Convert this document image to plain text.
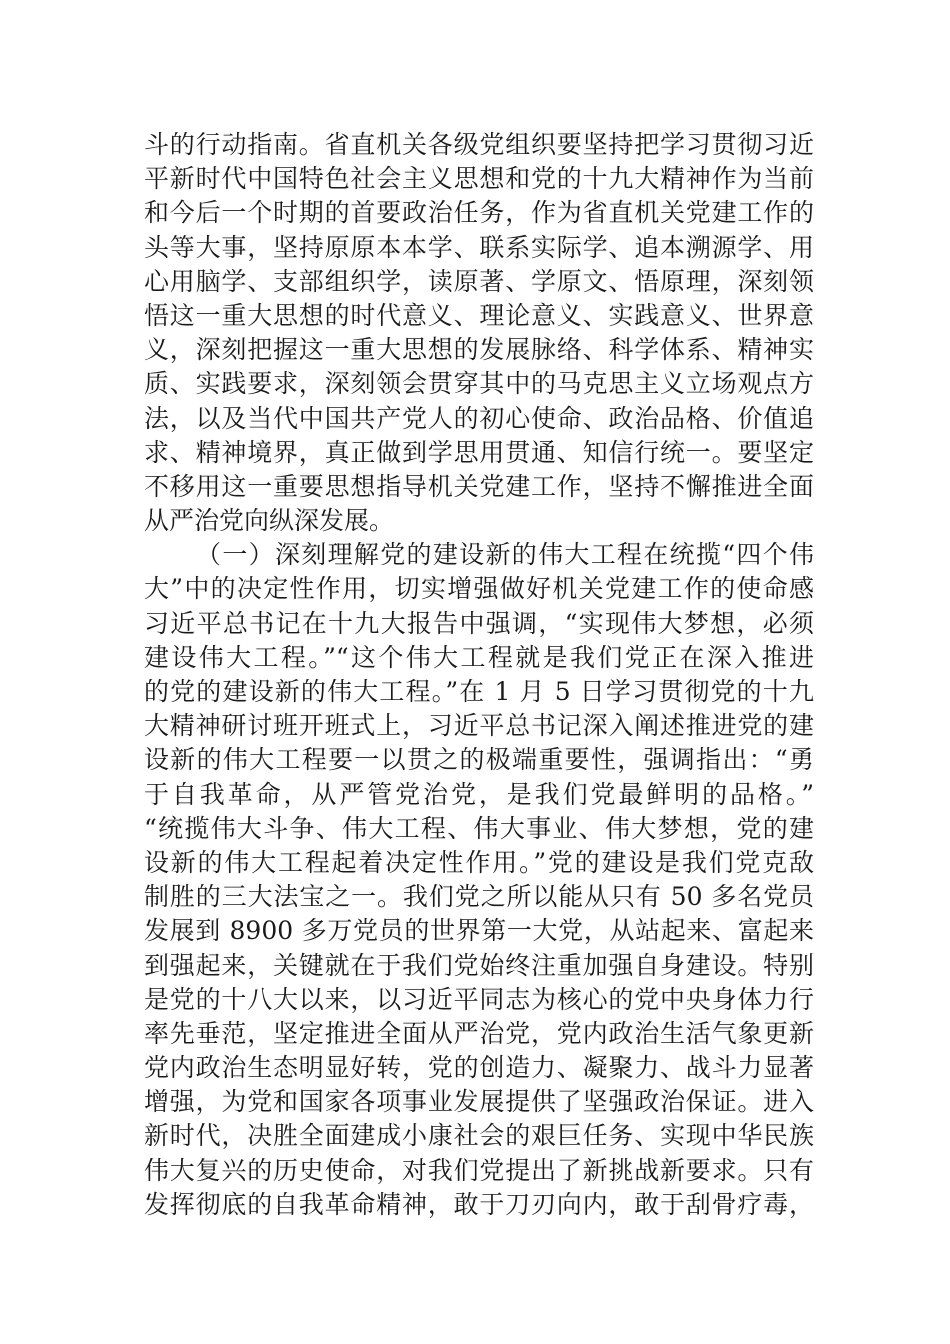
斗的行动指南。省直机关各级党组织要坚持把学习贯彻习近
平新时代中国特色社会主义思想和党的十九大精神作为当前
和今后一个时期的首要政治任务，作为省直机关党建工作的
头等大事，坚持原原本本学、联系实际学、追本溯源学、用
心用脑学、支部组织学，读原著、学原文、悟原理，深刻领
悟这一重大思想的时代意义、理论意义、实践意义、世界意
义，深刻把握这一重大思想的发展脉络、科学体系、精神实
质、实践要求，深刻领会贯穿其中的马克思主义立场观点方
法，以及当代中国共产党人的初心使命、政治品格、价值追
求、精神境界，真正做到学思用贯通、知信行统一。要坚定
不移用这一重要思想指导机关党建工作，坚持不懈推进全面
从严治党向纵深发展。
（一）深刻理解党的建设新的伟大工程在统揽“四个伟
大”中的决定性作用，切实增强做好机关党建工作的使命感
习近平总书记在十九大报告中强调，“实现伟大梦想，必须
建设伟大工程。”“这个伟大工程就是我们党正在深入推进
的党的建设新的伟大工程。”在 1 月 5 日学习贯彻党的十九
大精神研讨班开班式上，习近平总书记深入阐述推进党的建
设新的伟大工程要一以贯之的极端重要性，强调指出：“勇
于自我革命，从严管党治党，是我们党最鲜明的品格。”
“统揽伟大斗争、伟大工程、伟大事业、伟大梦想，党的建
设新的伟大工程起着决定性作用。”党的建设是我们党克敌
制胜的三大法宝之一。我们党之所以能从只有 50 多名党员
发展到 8900 多万党员的世界第一大党，从站起来、富起来
到强起来，关键就在于我们党始终注重加强自身建设。特别
是党的十八大以来，以习近平同志为核心的党中央身体力行
率先垂范，坚定推进全面从严治党，党内政治生活气象更新
党内政治生态明显好转，党的创造力、凝聚力、战斗力显著
增强，为党和国家各项事业发展提供了坚强政治保证。进入
新时代，决胜全面建成小康社会的艰巨任务、实现中华民族
伟大复兴的历史使命，对我们党提出了新挑战新要求。只有
发挥彻底的自我革命精神，敢于刀刃向内，敢于刮骨疗毒，
